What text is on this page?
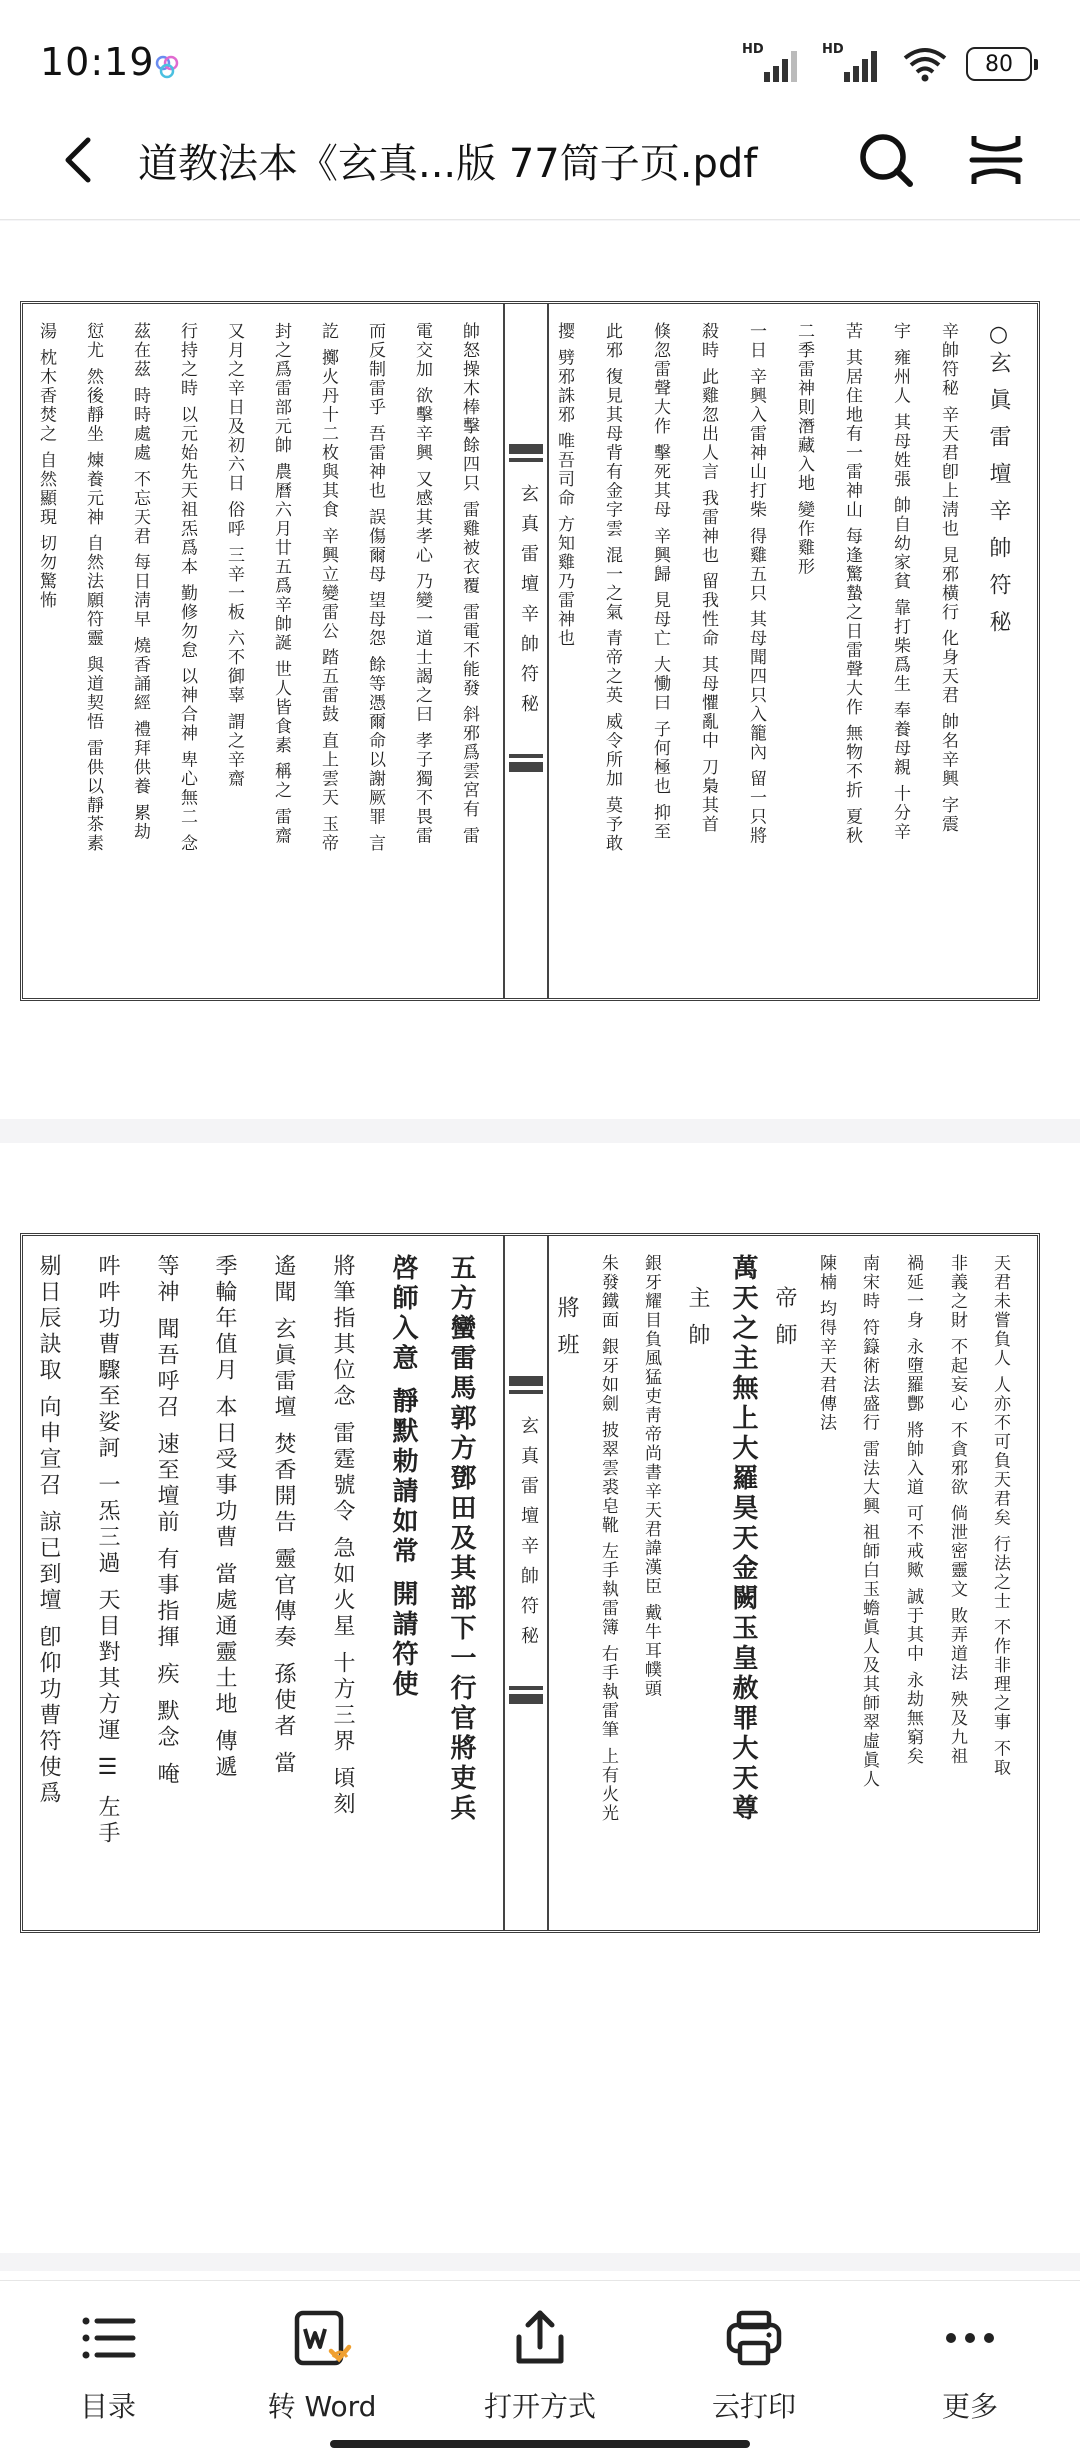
10:19	HD	HD
80
道教法本《玄真...版 77筒子页.pdf
玄真雷壇辛帥符秘	○玄 眞 雷 壇 辛 帥 符 秘
辛帥符秘 辛天君卽上淸也 見邪橫行 化身天君 帥名辛興 字震
宇 雍州人 其母姓張 帥自幼家貧 靠打柴爲生 奉養母親 十分辛
苦 其居住地有一雷神山 每逢驚蟄之日雷聲大作 無物不折 夏秋
二季雷神則潛藏入地 變作雞形
一日 辛興入雷神山打柴 得雞五只 其母聞四只入籠內 留一只將
殺時 此雞忽出人言 我雷神也 留我性命 其母懼亂中 刀梟其首
倏忽雷聲大作 擊死其母 辛興歸 見母亡 大慟曰 子何極也 抑至
此邪 復見其母背有金字雲 混一之氣 青帝之英 威令所加 莫予敢
撄 劈邪誅邪 唯吾司命 方知雞乃雷神也
帥怒操木棒擊餘四只 雷雞被衣覆 雷電不能發 斜邪爲雲宮有 雷
電交加 欲擊辛興 又感其孝心 乃變一道士謁之曰 孝子獨不畏雷
而反制雷乎 吾雷神也 誤傷爾母 望母怨 餘等憑爾命以謝厥罪 言
訖 擲火丹十二枚與其食 辛興立變雷公 踏五雷鼓 直上雲天 玉帝
封之爲雷部元帥 農曆六月廿五爲辛帥誕 世人皆食素 稱之 雷齋
又月之辛日及初六日 俗呼 三辛一板 六不御辜 謂之辛齋
行持之時 以元始先天祖炁爲本 勤修勿怠 以神合神 卑心無二 念
茲在茲 時時處處 不忘天君 每日淸早 燒香誦經 禮拜供養 累劫
愆尤 然後靜坐 煉養元神 自然法願符靈 與道契悟 雷供以靜茶素
湯 枕木香焚之 自然顯現 切勿驚怖
玄真雷壇辛帥符秘	天君未嘗負人 人亦不可負天君矣 行法之士 不作非理之事 不取
非義之財 不起妄心 不貪邪欲 倘泄密靈文 敗弄道法 殃及九祖
禍延一身 永墮羅酆 將帥入道 可不戒歟 誠于其中 永劫無窮矣
南宋時 符籙術法盛行 雷法大興 祖師白玉蟾眞人及其師翠虛眞人
陳楠 均得辛天君傳法
帝 師
萬天之主無上大羅昊天金闕玉皇赦罪大天尊
主 帥
銀牙耀目負風猛吏靑帝尚書辛天君諱漢臣 戴牛耳幞頭
朱發鐵面 銀牙如劍 披翠雲裘皂靴 左手執雷簿 右手執雷筆 上有火光
將 班
五方蠻雷馬郭方鄧田及其部下一行官將吏兵
啓師入意 靜默勅請如常 開請符使
將筆指其位念 雷霆號令 急如火星 十方三界 頃刻
遙聞 玄眞雷壇 焚香開告 靈官傳奏 孫使者 當
季輪年值月 本日受事功曹 當處通靈土地 傳遞
等神 聞吾呼召 速至壇前 有事指揮 疾 默念 唵
吽吽功曹驟至娑訶 一炁三過 天目對其方運 ☰ 左手
剔日辰訣取 向申宣召 諒已到壇 卽仰功曹符使爲
目录	转 Word	打开方式	云打印	更多
